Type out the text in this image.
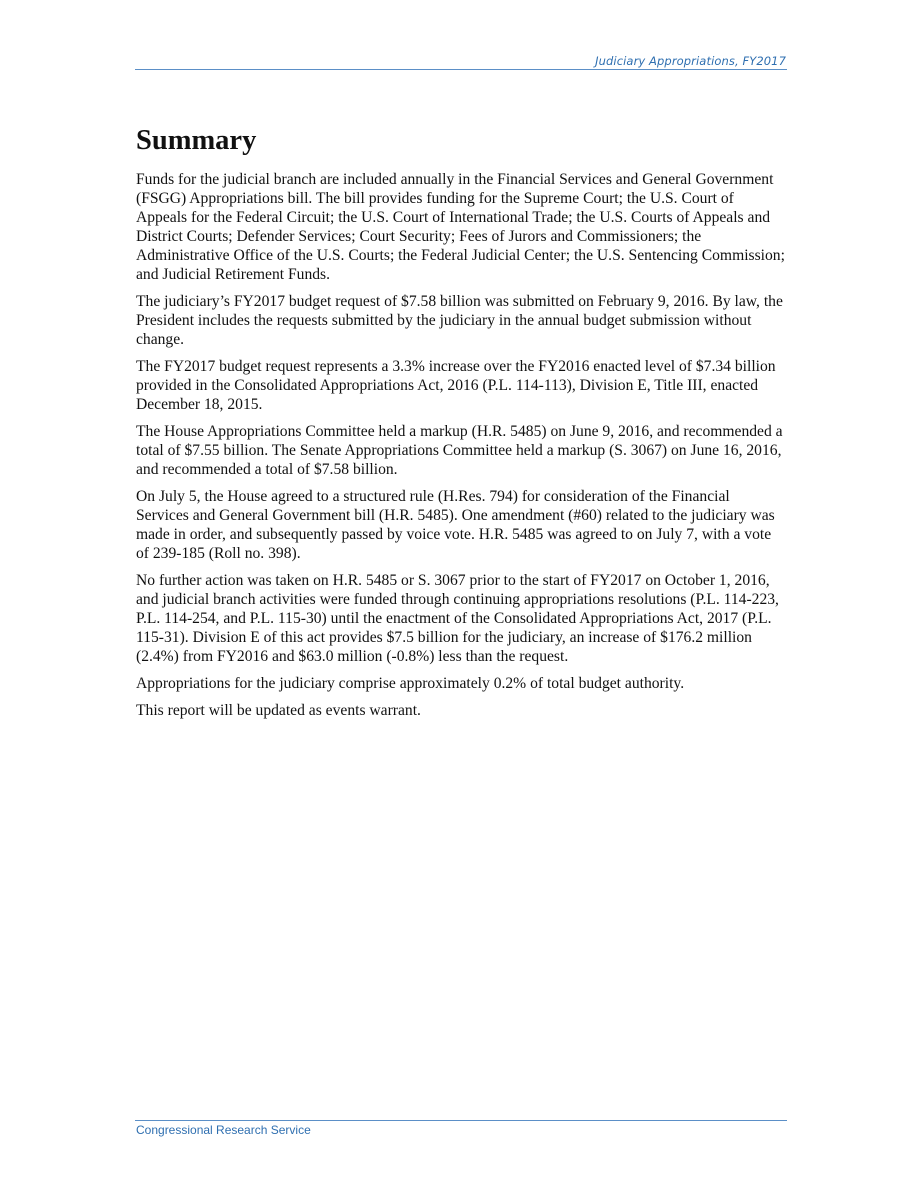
Judiciary Appropriations, FY2017
Summary

Funds for the judicial branch are included annually in the Financial Services and General Government (FSGG) Appropriations bill. The bill provides funding for the Supreme Court; the U.S. Court of Appeals for the Federal Circuit; the U.S. Court of International Trade; the U.S. Courts of Appeals and District Courts; Defender Services; Court Security; Fees of Jurors and Commissioners; the Administrative Office of the U.S. Courts; the Federal Judicial Center; the U.S. Sentencing Commission; and Judicial Retirement Funds.

The judiciary’s FY2017 budget request of $7.58 billion was submitted on February 9, 2016. By law, the President includes the requests submitted by the judiciary in the annual budget submission without change.

The FY2017 budget request represents a 3.3% increase over the FY2016 enacted level of $7.34 billion provided in the Consolidated Appropriations Act, 2016 (P.L. 114-113), Division E, Title III, enacted December 18, 2015.

The House Appropriations Committee held a markup (H.R. 5485) on June 9, 2016, and recommended a total of $7.55 billion. The Senate Appropriations Committee held a markup (S. 3067) on June 16, 2016, and recommended a total of $7.58 billion.

On July 5, the House agreed to a structured rule (H.Res. 794) for consideration of the Financial Services and General Government bill (H.R. 5485). One amendment (#60) related to the judiciary was made in order, and subsequently passed by voice vote. H.R. 5485 was agreed to on July 7, with a vote of 239-185 (Roll no. 398).

No further action was taken on H.R. 5485 or S. 3067 prior to the start of FY2017 on October 1, 2016, and judicial branch activities were funded through continuing appropriations resolutions (P.L. 114-223, P.L. 114-254, and P.L. 115-30) until the enactment of the Consolidated Appropriations Act, 2017 (P.L. 115-31). Division E of this act provides $7.5 billion for the judiciary, an increase of $176.2 million (2.4%) from FY2016 and $63.0 million (-0.8%) less than the request.

Appropriations for the judiciary comprise approximately 0.2% of total budget authority.

This report will be updated as events warrant.

Congressional Research Service
